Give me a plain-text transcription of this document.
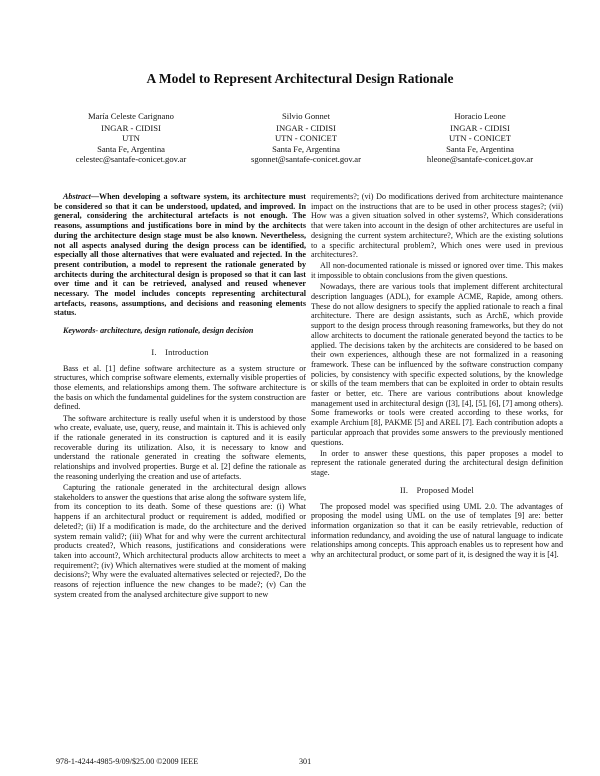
A Model to Represent Architectural Design Rationale
María Celeste Carignano
INGAR - CIDISI
UTN
Santa Fe, Argentina
celestec@santafe-conicet.gov.ar
Silvio Gonnet
INGAR - CIDISI
UTN - CONICET
Santa Fe, Argentina
sgonnet@santafe-conicet.gov.ar
Horacio Leone
INGAR - CIDISI
UTN - CONICET
Santa Fe, Argentina
hleone@santafe-conicet.gov.ar

Abstract—When developing a software system, its architecture must be considered so that it can be understood, updated, and improved. In general, considering the architectural artefacts is not enough. The reasons, assumptions and justifications bore in mind by the architects during the architecture design stage must be also known. Nevertheless, not all aspects analysed during the design process can be identified, especially all those alternatives that were evaluated and rejected. In the present contribution, a model to represent the rationale generated by architects during the architectural design is proposed so that it can last over time and it can be retrieved, analysed and reused whenever necessary. The model includes concepts representing architectural artefacts, reasons, assumptions, and decisions and reasoning elements status.

Keywords- architecture, design rationale, design decision

I. Introduction

Bass et al. [1] define software architecture as a system structure or structures, which comprise software elements, externally visible properties of those elements, and relationships among them. The software architecture is the basis on which the fundamental guidelines for the system construction are defined.

The software architecture is really useful when it is understood by those who create, evaluate, use, query, reuse, and maintain it. This is achieved only if the rationale generated in its construction is captured and it is easily recoverable during its utilization. Also, it is necessary to know and understand the rationale generated in creating the software elements, relationships and involved properties. Burge et al. [2] define the rationale as the reasoning underlying the creation and use of artefacts.

Capturing the rationale generated in the architectural design allows stakeholders to answer the questions that arise along the software system life, from its conception to its death. Some of these questions are: (i) What happens if an architectural product or requirement is added, modified or deleted?; (ii) If a modification is made, do the architecture and the derived system remain valid?; (iii) What for and why were the current architectural products created?, Which reasons, justifications and considerations were taken into account?, Which architectural products allow architects to meet a requirement?; (iv) Which alternatives were studied at the moment of making decisions?; Why were the evaluated alternatives selected or rejected?, Do the reasons of rejection influence the new changes to be made?; (v) Can the system created from the analysed architecture give support to new

requirements?; (vi) Do modifications derived from architecture maintenance impact on the instructions that are to be used in other process stages?; (vii) How was a given situation solved in other systems?, Which considerations that were taken into account in the design of other architectures are useful in designing the current system architecture?, Which are the existing solutions to a specific architectural problem?, Which ones were used in previous architectures?.

All non-documented rationale is missed or ignored over time. This makes it impossible to obtain conclusions from the given questions.

Nowadays, there are various tools that implement different architectural description languages (ADL), for example ACME, Rapide, among others. These do not allow designers to specify the applied rationale to reach a final architecture. There are design assistants, such as ArchE, which provide support to the design process through reasoning frameworks, but they do not allow architects to document the rationale generated beyond the tactics to be applied. The decisions taken by the architects are considered to be based on their own experiences, although these are not formalized in a reasoning framework. These can be influenced by the software construction company policies, by consistency with specific expected solutions, by the knowledge or skills of the team members that can be exploited in order to obtain results faster or better, etc. There are various contributions about knowledge management used in architectural design ([3], [4], [5], [6], [7] among others). Some frameworks or tools were created according to these works, for example Archium [8], PAKME [5] and AREL [7]. Each contribution adopts a particular approach that provides some answers to the previously mentioned questions.

In order to answer these questions, this paper proposes a model to represent the rationale generated during the architectural design definition stage.

II. Proposed Model

The proposed model was specified using UML 2.0. The advantages of proposing the model using UML on the use of templates [9] are: better information organization so that it can be easily retrievable, reduction of information redundancy, and avoiding the use of natural language to indicate relationships among concepts. This approach enables us to represent how and why an architectural product, or some part of it, is designed the way it is [4].

978-1-4244-4985-9/09/$25.00 ©2009 IEEE	301
